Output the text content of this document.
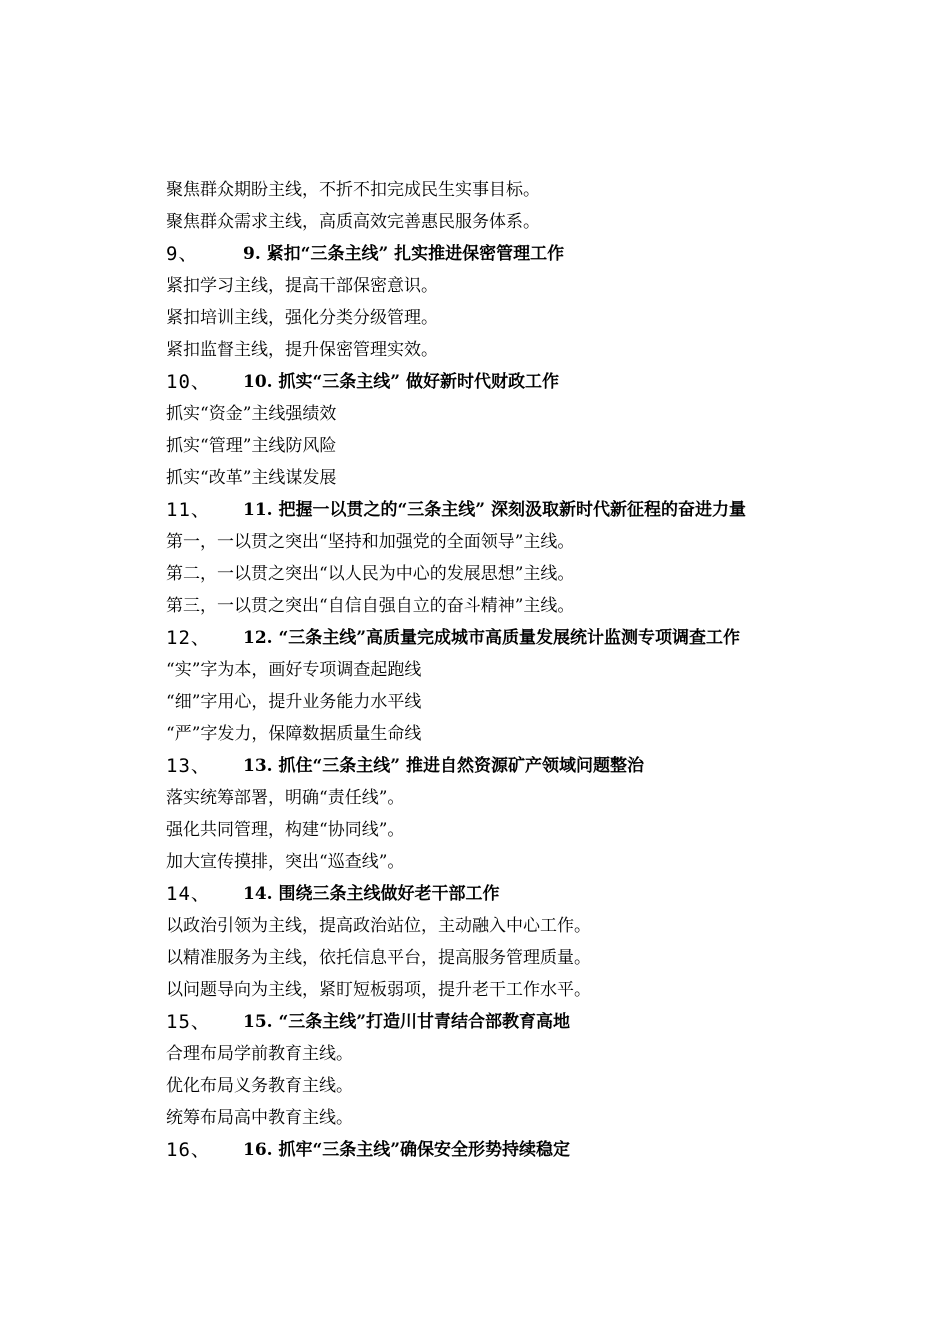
聚焦群众期盼主线，不折不扣完成民生实事目标。
聚焦群众需求主线，高质高效完善惠民服务体系。
9、	9. 紧扣“三条主线” 扎实推进保密管理工作
紧扣学习主线，提高干部保密意识。
紧扣培训主线，强化分类分级管理。
紧扣监督主线，提升保密管理实效。
10、	10. 抓实“三条主线” 做好新时代财政工作
抓实“资金”主线强绩效
抓实“管理”主线防风险
抓实“改革”主线谋发展
11、	11. 把握一以贯之的“三条主线” 深刻汲取新时代新征程的奋进力量
第一，一以贯之突出“坚持和加强党的全面领导”主线。
第二，一以贯之突出“以人民为中心的发展思想”主线。
第三，一以贯之突出“自信自强自立的奋斗精神”主线。
12、	12. “三条主线”高质量完成城市高质量发展统计监测专项调查工作
“实”字为本，画好专项调查起跑线
“细”字用心，提升业务能力水平线
“严”字发力，保障数据质量生命线
13、	13. 抓住“三条主线” 推进自然资源矿产领域问题整治
落实统筹部署，明确“责任线”。
强化共同管理，构建“协同线”。
加大宣传摸排，突出“巡查线”。
14、	14. 围绕三条主线做好老干部工作
以政治引领为主线，提高政治站位，主动融入中心工作。
以精准服务为主线，依托信息平台，提高服务管理质量。
以问题导向为主线，紧盯短板弱项，提升老干工作水平。
15、	15. “三条主线”打造川甘青结合部教育高地
合理布局学前教育主线。
优化布局义务教育主线。
统筹布局高中教育主线。
16、	16. 抓牢“三条主线”确保安全形势持续稳定
